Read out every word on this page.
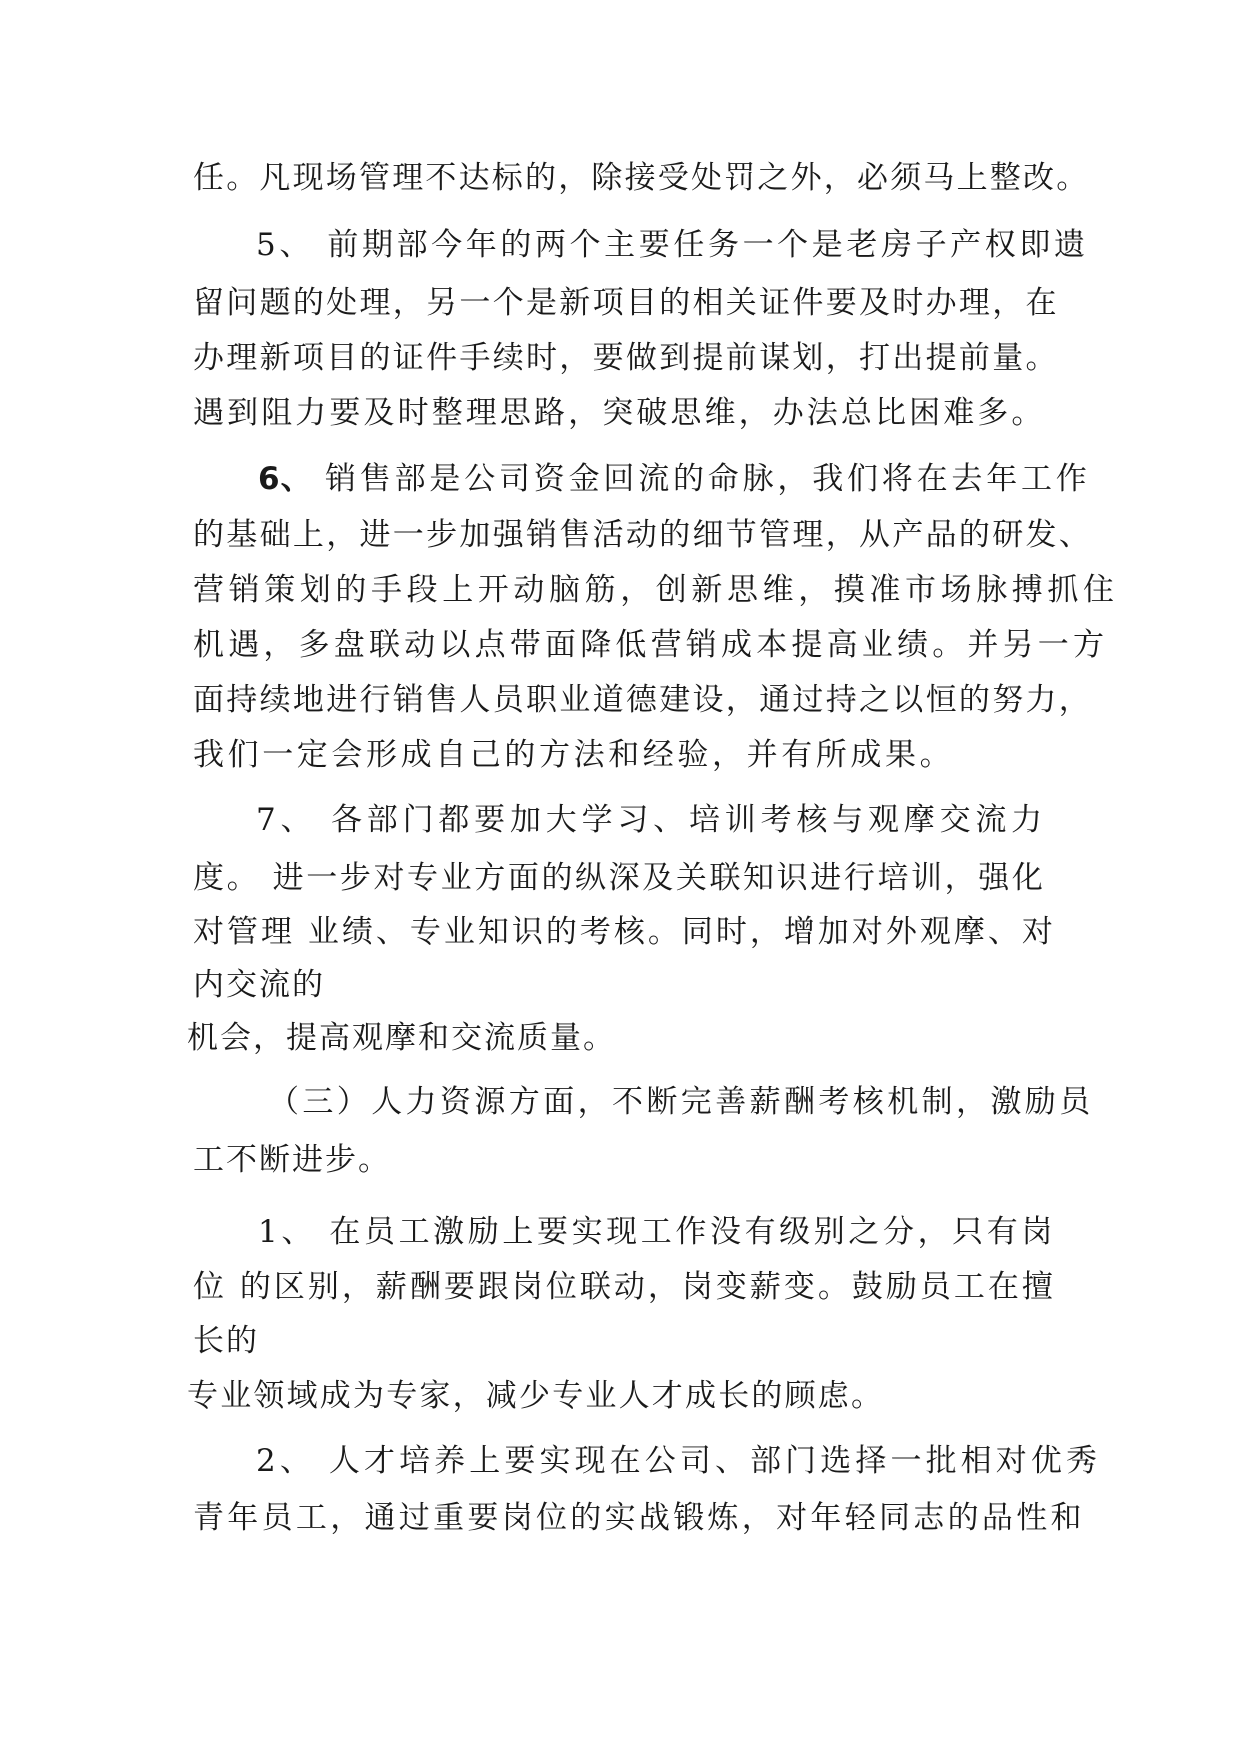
任。凡现场管理不达标的，除接受处罚之外，必须马上整改。
5、 前期部今年的两个主要任务一个是老房子产权即遗
留问题的处理，另一个是新项目的相关证件要及时办理，在
办理新项目的证件手续时，要做到提前谋划，打出提前量。
遇到阻力要及时整理思路，突破思维，办法总比困难多。
6、 销售部是公司资金回流的命脉，我们将在去年工作
的基础上，进一步加强销售活动的细节管理，从产品的研发、
营销策划的手段上开动脑筋，创新思维，摸准市场脉搏抓住
机遇，多盘联动以点带面降低营销成本提高业绩。并另一方
面持续地进行销售人员职业道德建设，通过持之以恒的努力，
我们一定会形成自己的方法和经验，并有所成果。
7、 各部门都要加大学习、培训考核与观摩交流力
度。 进一步对专业方面的纵深及关联知识进行培训，强化
对管理 业绩、专业知识的考核。同时，增加对外观摩、对
内交流的
机会，提高观摩和交流质量。
（三）人力资源方面，不断完善薪酬考核机制，激励员
工不断进步。
1、 在员工激励上要实现工作没有级别之分，只有岗
位 的区别，薪酬要跟岗位联动，岗变薪变。鼓励员工在擅
长的
专业领域成为专家，减少专业人才成长的顾虑。
2、 人才培养上要实现在公司、部门选择一批相对优秀
青年员工，通过重要岗位的实战锻炼，对年轻同志的品性和
